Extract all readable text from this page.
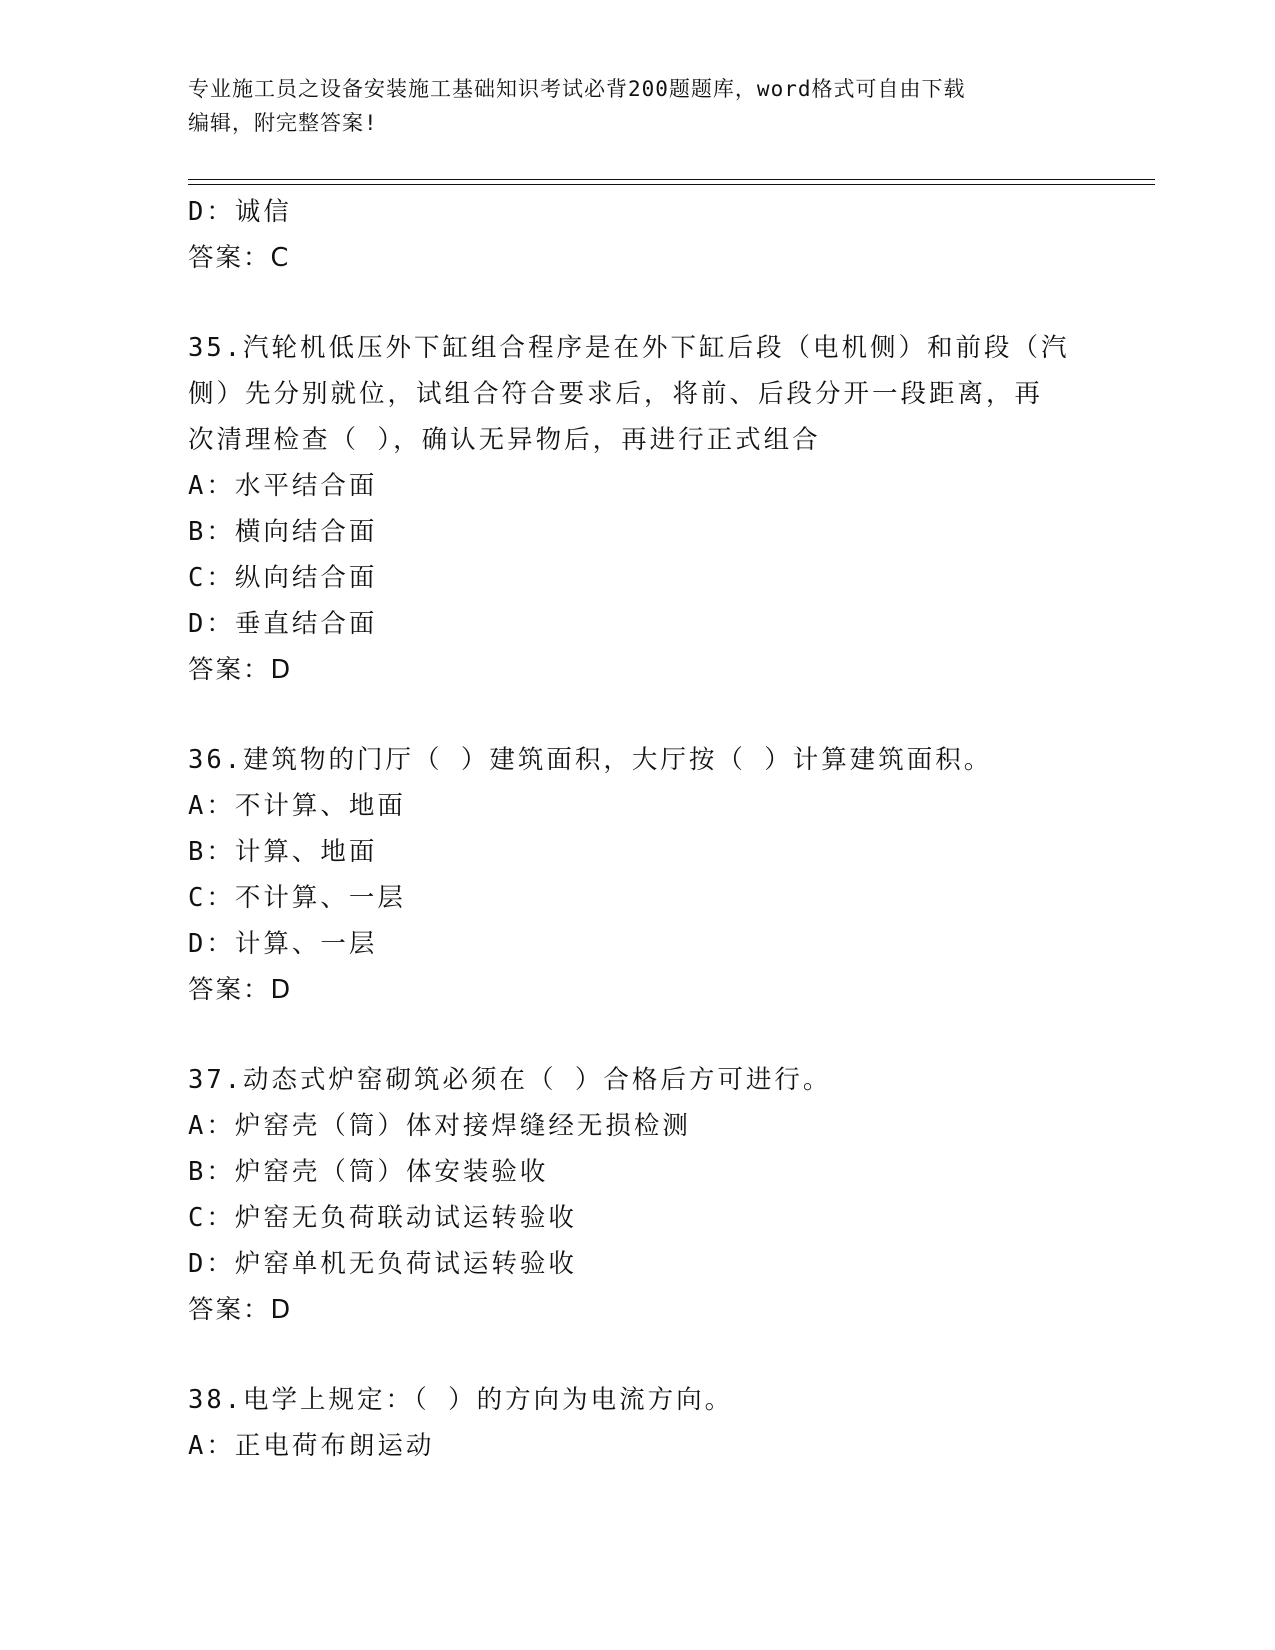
专业施工员之设备安装施工基础知识考试必背200题题库，word格式可自由下载
编辑，附完整答案!
D：诚信
答案：C
35.汽轮机低压外下缸组合程序是在外下缸后段（电机侧）和前段（汽
侧）先分别就位，试组合符合要求后，将前、后段分开一段距离，再
次清理检查（ ），确认无异物后，再进行正式组合
A：水平结合面
B：横向结合面
C：纵向结合面
D：垂直结合面
答案：D
36.建筑物的门厅（ ）建筑面积，大厅按（ ）计算建筑面积。
A：不计算、地面
B：计算、地面
C：不计算、一层
D：计算、一层
答案：D
37.动态式炉窑砌筑必须在（ ）合格后方可进行。
A：炉窑壳（筒）体对接焊缝经无损检测
B：炉窑壳（筒）体安装验收
C：炉窑无负荷联动试运转验收
D：炉窑单机无负荷试运转验收
答案：D
38.电学上规定：（ ）的方向为电流方向。
A：正电荷布朗运动
